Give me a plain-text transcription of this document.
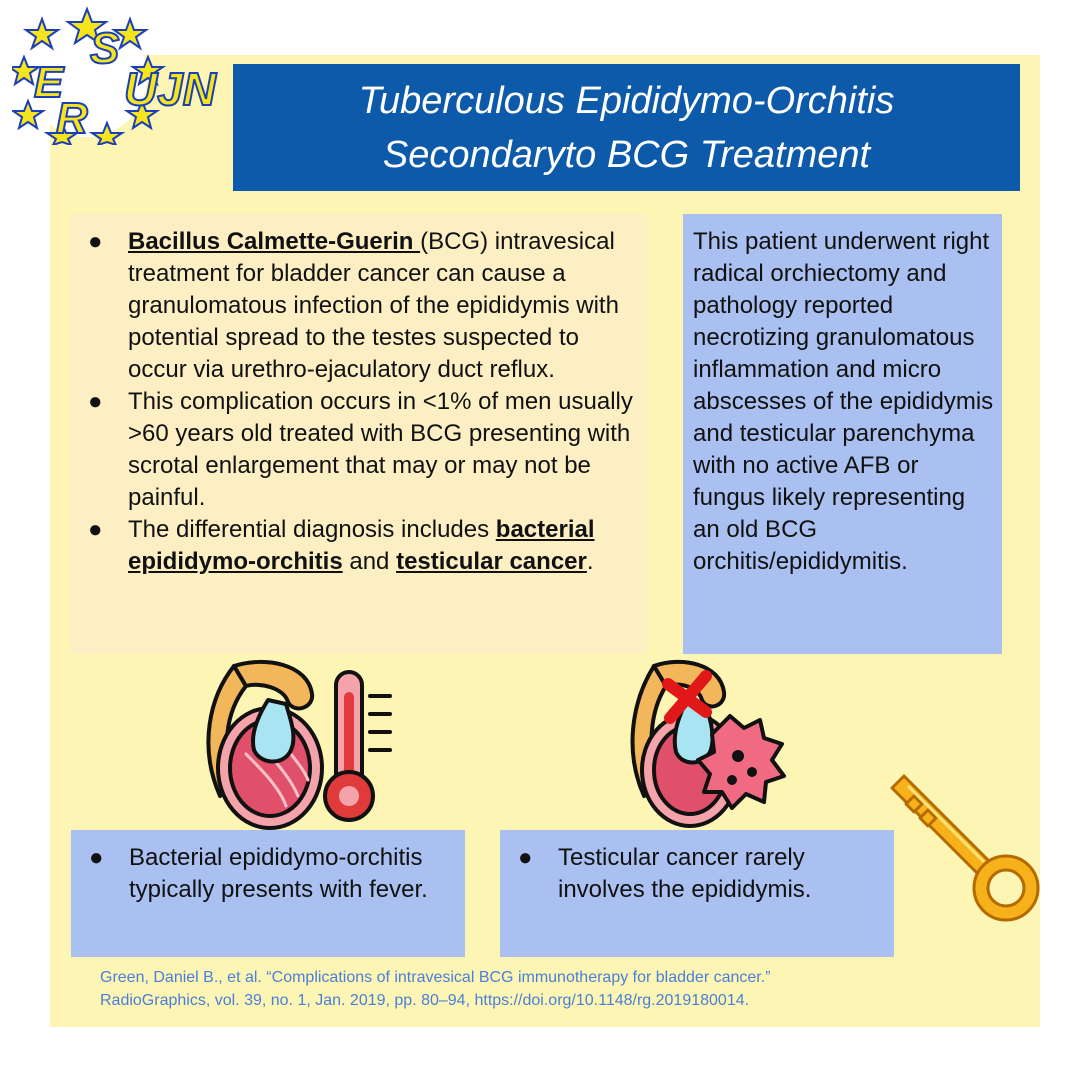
S
E
R
UJN	Tuberculous Epididymo-Orchitis
Secondaryto BCG Treatment
●	Bacillus Calmette-Guerin (BCG) intravesical treatment for bladder cancer can cause a granulomatous infection of the epididymis with potential spread to the testes suspected to occur via urethro-ejaculatory duct reflux.
●	This complication occurs in <1% of men usually >60 years old treated with BCG presenting with scrotal enlargement that may or may not be painful.
●	The differential diagnosis includes bacterial epididymo-orchitis and testicular cancer.
This patient underwent right radical orchiectomy and pathology reported necrotizing granulomatous inflammation and micro abscesses of the epididymis and testicular parenchyma with no active AFB or fungus likely representing an old BCG orchitis/epididymitis.
●	Bacterial epididymo-orchitis typically presents with fever.
●	Testicular cancer rarely involves the epididymis.
Green, Daniel B., et al. “Complications of intravesical BCG immunotherapy for bladder cancer.”
RadioGraphics, vol. 39, no. 1, Jan. 2019, pp. 80–94, https://doi.org/10.1148/rg.2019180014.
